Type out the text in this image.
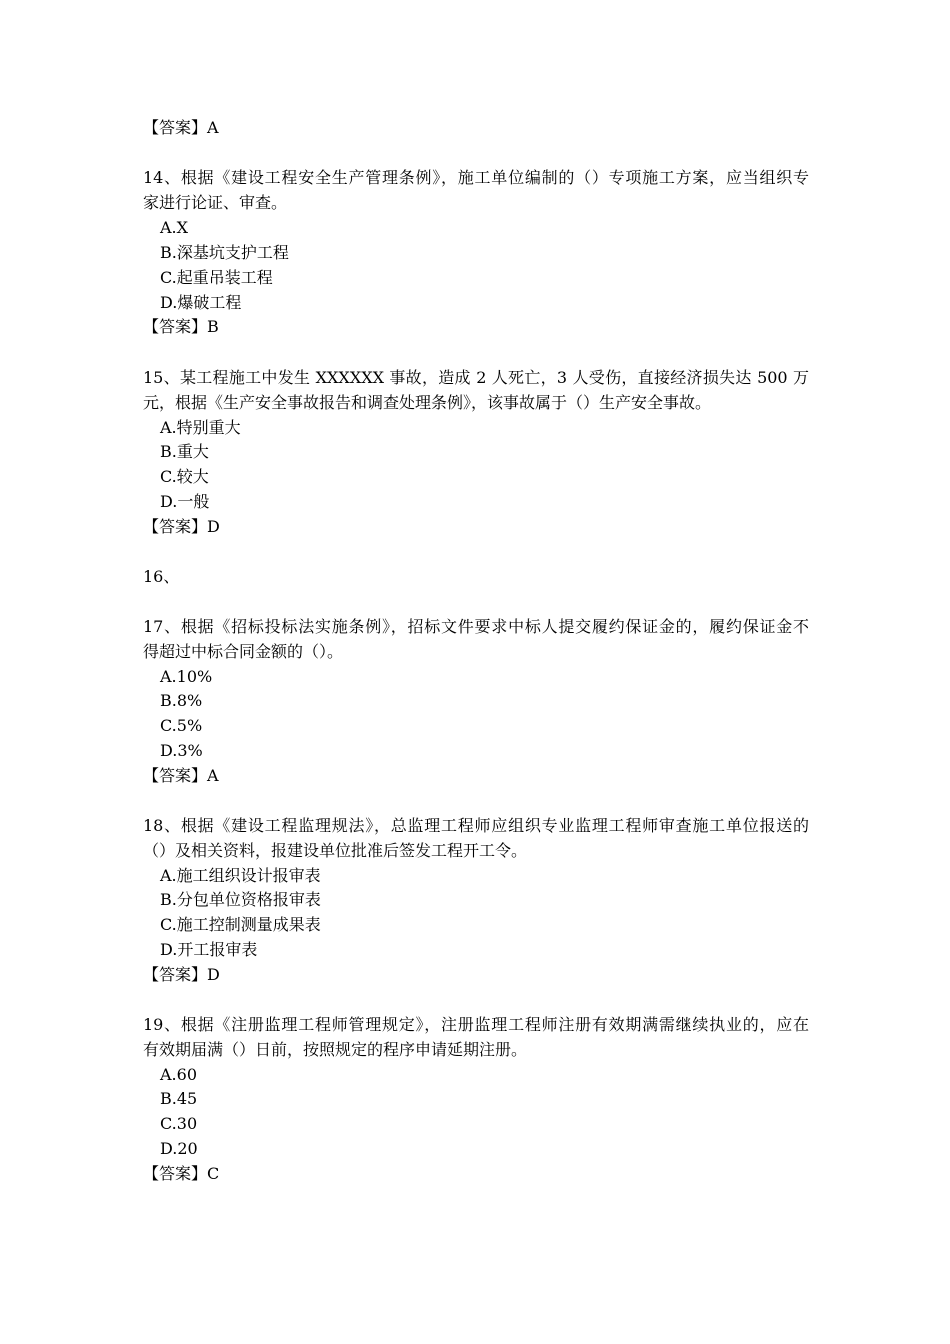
【答案】A
14、根据《建设工程安全生产管理条例》，施工单位编制的（）专项施工方案，应当组织专
家进行论证、审查。
A.X
B.深基坑支护工程
C.起重吊装工程
D.爆破工程
【答案】B
15、某工程施工中发生 XXXXXX 事故，造成 2 人死亡，3 人受伤，直接经济损失达 500 万
元，根据《生产安全事故报告和调查处理条例》，该事故属于（）生产安全事故。
A.特别重大
B.重大
C.较大
D.一般
【答案】D
16、
17、根据《招标投标法实施条例》，招标文件要求中标人提交履约保证金的，履约保证金不
得超过中标合同金额的（）。
A.10%
B.8%
C.5%
D.3%
【答案】A
18、根据《建设工程监理规法》，总监理工程师应组织专业监理工程师审查施工单位报送的
（）及相关资料，报建设单位批准后签发工程开工令。
A.施工组织设计报审表
B.分包单位资格报审表
C.施工控制测量成果表
D.开工报审表
【答案】D
19、根据《注册监理工程师管理规定》，注册监理工程师注册有效期满需继续执业的，应在
有效期届满（）日前，按照规定的程序申请延期注册。
A.60
B.45
C.30
D.20
【答案】C
